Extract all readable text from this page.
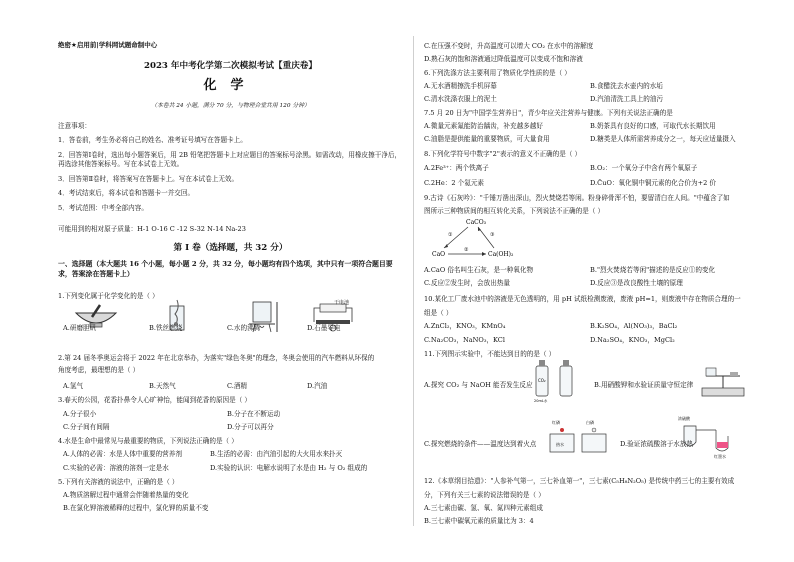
绝密★启用前|学科网试题命制中心
2023 年中考化学第二次模拟考试【重庆卷】
化学
（本卷共 24 小题，满分 70 分，与物理合堂共用 120 分钟）
注意事项：

1．答卷前，考生务必将自己的姓名、准考证号填写在答题卡上。

2．回答第Ⅰ卷时，选出每小题答案后，用 2B 铅笔把答题卡上对应题目的答案标号涂黑。如需改动，用橡皮擦干净后，再选涂其他答案标号。写在本试卷上无效。

3．回答第Ⅱ卷时，将答案写在答题卡上。写在本试卷上无效。

4．考试结束后，将本试卷和答题卡一并交回。

5．考试范围：中考全部内容。

可能用到的相对原子质量：H-1 O-16 C -12 S-32 N-14 Na-23
第 I 卷（选择题，共 32 分）
一、选择题（本大题共 16 个小题，每小题 2 分，共 32 分，每小题均有四个选项，其中只有一项符合题目要求，答案涂在答题卡上）
1.下列变化属于化学变化的是（ ）
干电池
A.研磨胆矾	B.铁丝燃烧	C.水的沸腾	D.石墨导电
2.第 24 届冬季奥运会将于 2022 年在北京举办，为落实"绿色冬奥"的理念，冬奥会使用的汽车燃料从环保的
角度考虑，最理想的是（ ）
A.氢气	B.天然气	C.酒精	D.汽油
3.春天的公园，花香扑鼻令人心旷神怡，能闻到花香的原因是（ ）
A.分子很小	B.分子在不断运动
C.分子间有间隔	D.分子可以再分
4.水是生命中最常见与最重要的物质，下列说法正确的是（ ）
A.人体的必需：水是人体中重要的营养剂	B.生活的必需：由汽油引起的大火用水来扑灭
C.实验的必需：溶液的溶剂一定是水	D.实验的认识：电解水说明了水是由 H₂ 与 O₂ 组成的
5.下列有关溶液的说法中，正确的是（ ）
A.物质溶解过程中通常会伴随着热量的变化
B.在氯化钾溶液稀释的过程中，氯化钾的质量不变
C.在压强不变时，升高温度可以增大 CO₂ 在水中的溶解度
D.熟石灰的饱和溶液通过降低温度可以变成不饱和溶液
6.下列洗涤方法主要利用了物质化学性质的是（ ）
A.无水酒精擦洗手机屏幕	B.食醋洗去水壶内的水垢
C.清水洗涤衣服上的泥土	D.汽油清洗工具上的油污
7.5 月 20 日为"中国学生营养日"，青少年应关注营养与健康。下列有关说法正确的是
A.微量元素氟能防治龋齿，补充越多越好	B.奶茶具有良好的口感，可取代水长期饮用
C.油脂是提供能量的重要物质，可大量食用	D.糖类是人体所需营养成分之一，每天应适量摄入
8.下列化学符号中数字"2"表示的意义不正确的是（ ）
A.2Fe³⁺：两个铁离子	B.O₂：一个氧分子中含有两个氧原子
C.2He：2 个氦元素	D.C̄uO：氧化铜中铜元素的化合价为+2 价
9.古诗《石灰吟》："千锤万凿出深山，烈火焚烧若等闲。粉身碎骨浑不怕，要留清白在人间。"中蕴含了如
图所示三种物质间的相互转化关系，下列说法不正确的是（ ）
CaCO₃
CaO	Ca(OH)₂
①
②
③
A.CaO 俗名叫生石灰，是一种氧化物	B."烈火焚烧若等闲"描述的是反应①的变化
C.反应②发生时，会放出热量	D.反应③是改良酸性土壤的原理
10.某化工厂废水池中的溶液是无色透明的，用 pH 试纸检测废液，废液 pH=1，则废液中存在物质合理的一
组是（ ）
A.ZnCl₂，KNO₃，KMnO₄	B.K₂SO₄，Al(NO₃)₃，BaCl₂
C.Na₂CO₃，NaNO₃，KCl	D.Na₂SO₄，KNO₃，MgCl₂
11.下列图示实验中，不能达到目的的是（ ）
CO₂
20mL水
A.探究 CO₂ 与 NaOH 能否发生反应	B.用硝酸钾和水验证质量守恒定律
红磷	白磷
热水
浓硫酸
红墨水
C.探究燃烧的条件——温度达到着火点	D.验证浓硫酸溶于水放热
12.《本草纲目拾遗》："人参补气第一，三七补血第一"，三七素(C₅H₈N₂O₅) 是传统中药三七的主要有效成
分，下列有关三七素的说法错误的是（ ）
A.三七素由碳、氢、氧、氮四种元素组成
B.三七素中碳氧元素的质量比为 3：4
